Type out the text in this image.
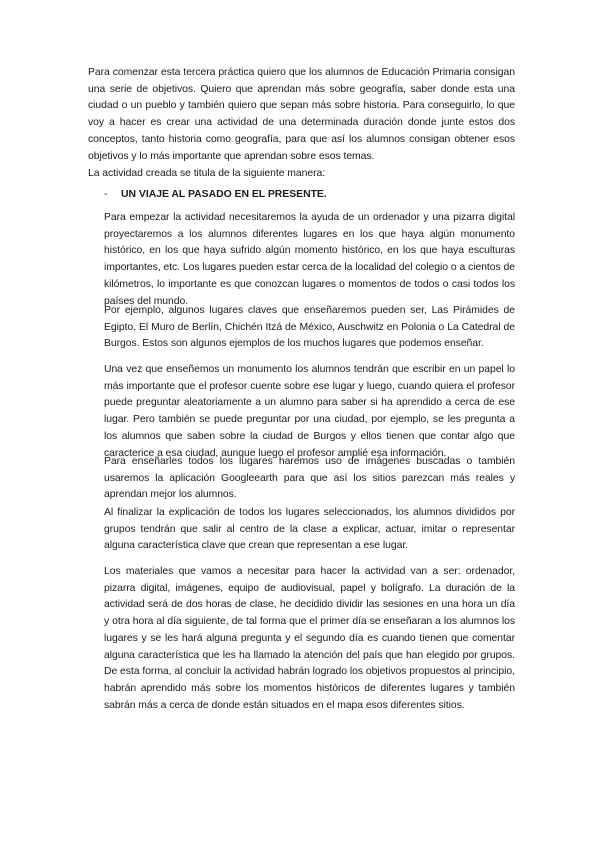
Para comenzar esta tercera práctica quiero que los alumnos de Educación Primaria consigan una serie de objetivos. Quiero que aprendan más sobre geografía, saber donde esta una ciudad o un pueblo y también quiero que sepan más sobre historia. Para conseguirlo, lo que voy a hacer es crear una actividad de una determinada duración donde junte estos dos conceptos, tanto historia como geografía, para que así los alumnos consigan obtener esos objetivos y lo más importante que aprendan sobre esos temas.

La actividad creada se titula de la siguiente manera:

- UN VIAJE AL PASADO EN EL PRESENTE.

Para empezar la actividad necesitaremos la ayuda de un ordenador y una pizarra digital proyectaremos a los alumnos diferentes lugares en los que haya algún monumento histórico, en los que haya sufrido algún momento histórico, en los que haya esculturas importantes, etc. Los lugares pueden estar cerca de la localidad del colegio o a cientos de kilómetros, lo importante es que conozcan lugares o momentos de todos o casi todos los países del mundo.

Por ejemplo, algunos lugares claves que enseñaremos pueden ser, Las Pirámides de Egipto, El Muro de Berlín, Chichén Itzá de México, Auschwitz en Polonia o La Catedral de Burgos. Estos son algunos ejemplos de los muchos lugares que podemos enseñar.

Una vez que enseñemos un monumento los alumnos tendrán que escribir en un papel lo más importante que el profesor cuente sobre ese lugar y luego, cuando quiera el profesor puede preguntar aleatoriamente a un alumno para saber si ha aprendido a cerca de ese lugar. Pero también se puede preguntar por una ciudad, por ejemplo, se les pregunta a los alumnos que saben sobre la ciudad de Burgos y ellos tienen que contar algo que caracterice a esa ciudad, aunque luego el profesor amplié esa información.

Para enseñarles todos los lugares haremos uso de imágenes buscadas o también usaremos la aplicación Googleearth para que así los sitios parezcan más reales y aprendan mejor los alumnos.

Al finalizar la explicación de todos los lugares seleccionados, los alumnos divididos por grupos tendrán que salir al centro de la clase a explicar, actuar, imitar o representar alguna característica clave que crean que representan a ese lugar.

Los materiales que vamos a necesitar para hacer la actividad van a ser: ordenador, pizarra digital, imágenes, equipo de audiovisual, papel y bolígrafo. La duración de la actividad será de dos horas de clase, he decidido dividir las sesiones en una hora un día y otra hora al día siguiente, de tal forma que el primer día se enseñaran a los alumnos los lugares y se les hará alguna pregunta y el segundo día es cuando tienen que comentar alguna característica que les ha llamado la atención del país que han elegido por grupos. De esta forma, al concluir la actividad habrán logrado los objetivos propuestos al principio, habrán aprendido más sobre los momentos históricos de diferentes lugares y también sabrán más a cerca de donde están situados en el mapa esos diferentes sitios.
